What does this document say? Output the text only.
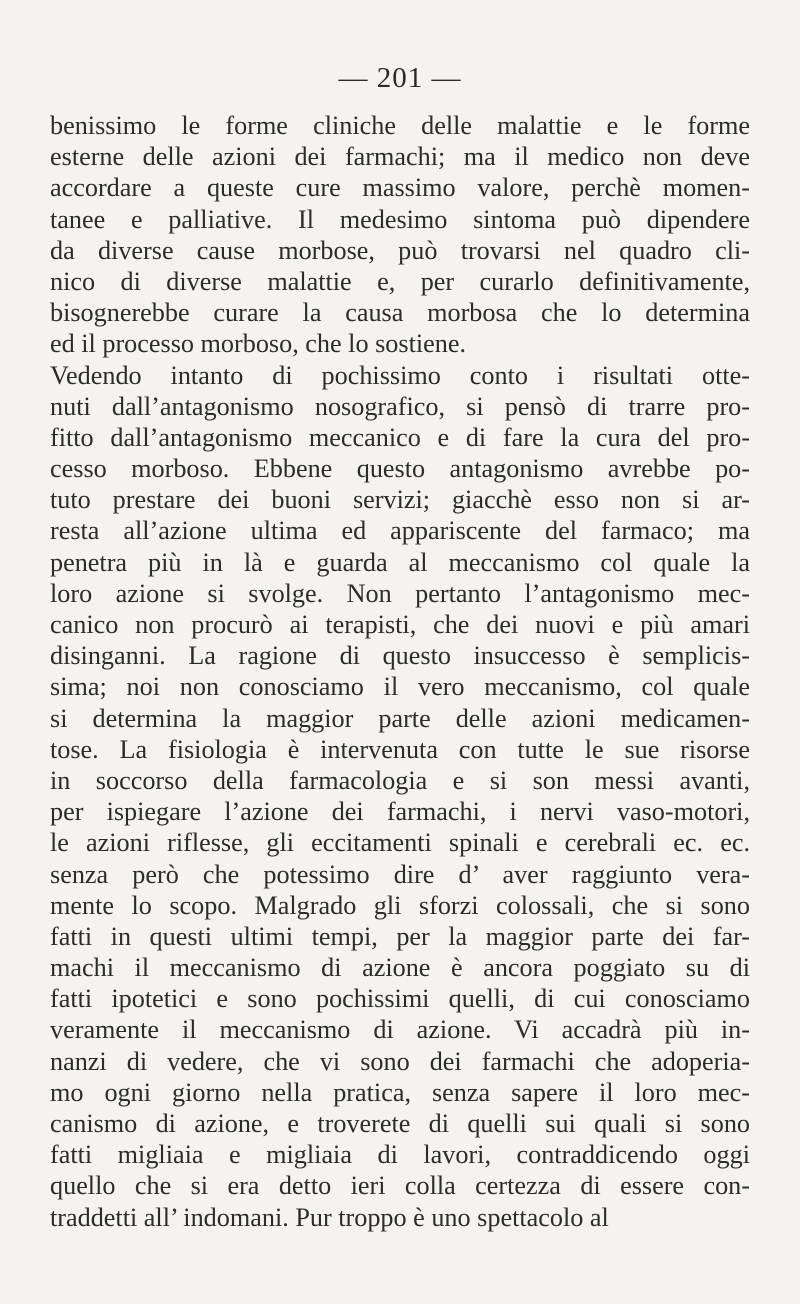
— 201 —
benissimo le forme cliniche delle malattie e le forme
esterne delle azioni dei farmachi; ma il medico non deve
accordare a queste cure massimo valore, perchè momen-
tanee e palliative. Il medesimo sintoma può dipendere
da diverse cause morbose, può trovarsi nel quadro cli-
nico di diverse malattie e, per curarlo definitivamente,
bisognerebbe curare la causa morbosa che lo determina
ed il processo morboso, che lo sostiene.
Vedendo intanto di pochissimo conto i risultati otte-
nuti dall’antagonismo nosografico, si pensò di trarre pro-
fitto dall’antagonismo meccanico e di fare la cura del pro-
cesso morboso. Ebbene questo antagonismo avrebbe po-
tuto prestare dei buoni servizi; giacchè esso non si ar-
resta all’azione ultima ed appariscente del farmaco; ma
penetra più in là e guarda al meccanismo col quale la
loro azione si svolge. Non pertanto l’antagonismo mec-
canico non procurò ai terapisti, che dei nuovi e più amari
disinganni. La ragione di questo insuccesso è semplicis-
sima; noi non conosciamo il vero meccanismo, col quale
si determina la maggior parte delle azioni medicamen-
tose. La fisiologia è intervenuta con tutte le sue risorse
in soccorso della farmacologia e si son messi avanti,
per ispiegare l’azione dei farmachi, i nervi vaso-motori,
le azioni riflesse, gli eccitamenti spinali e cerebrali ec. ec.
senza però che potessimo dire d’ aver raggiunto vera-
mente lo scopo. Malgrado gli sforzi colossali, che si sono
fatti in questi ultimi tempi, per la maggior parte dei far-
machi il meccanismo di azione è ancora poggiato su di
fatti ipotetici e sono pochissimi quelli, di cui conosciamo
veramente il meccanismo di azione. Vi accadrà più in-
nanzi di vedere, che vi sono dei farmachi che adoperia-
mo ogni giorno nella pratica, senza sapere il loro mec-
canismo di azione, e troverete di quelli sui quali si sono
fatti migliaia e migliaia di lavori, contraddicendo oggi
quello che si era detto ieri colla certezza di essere con-
traddetti all’ indomani. Pur troppo è uno spettacolo al
